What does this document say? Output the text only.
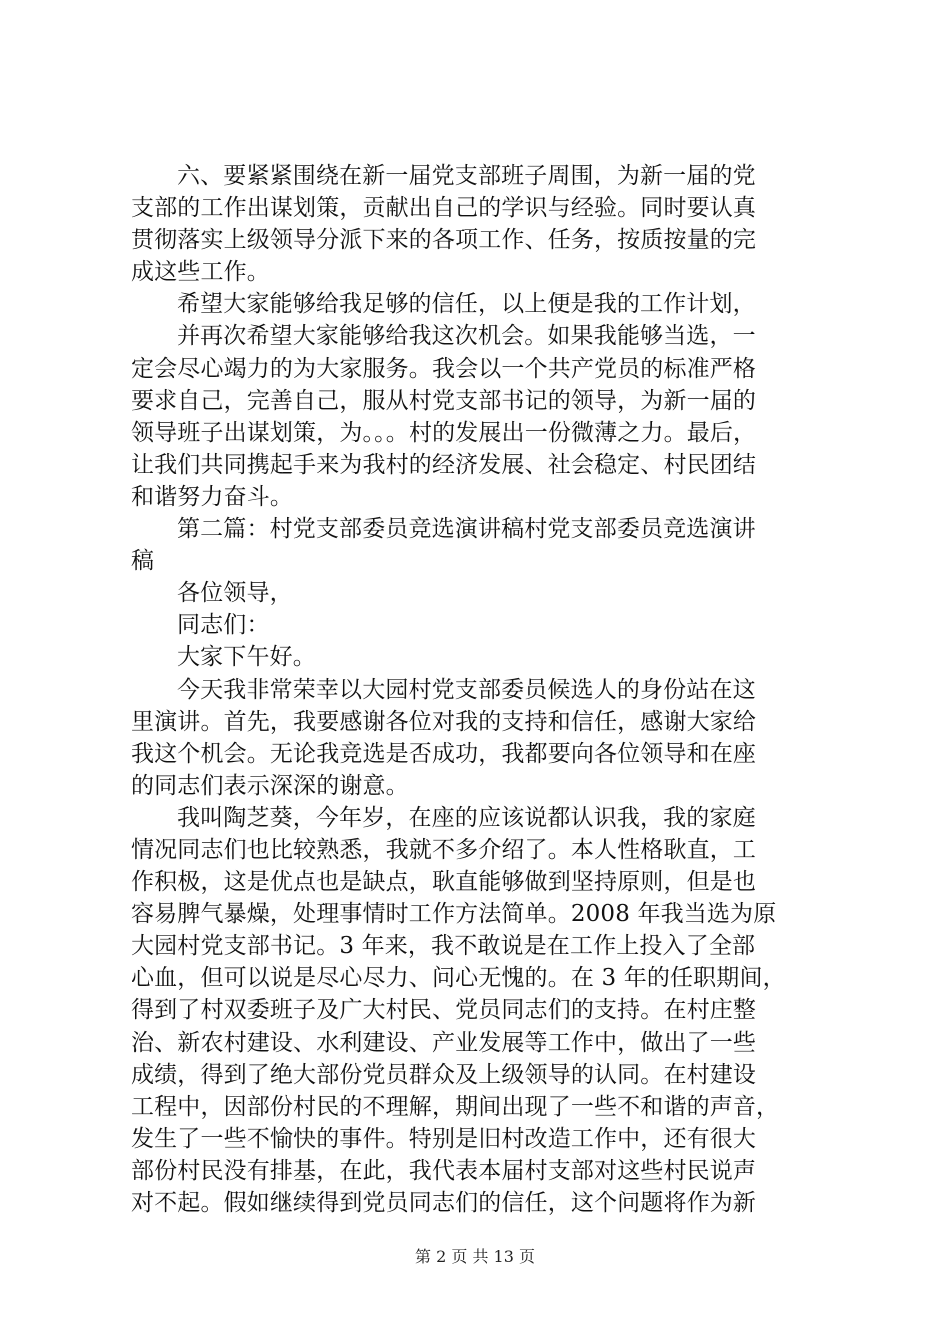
六、要紧紧围绕在新一届党支部班子周围，为新一届的党
支部的工作出谋划策，贡献出自己的学识与经验。同时要认真
贯彻落实上级领导分派下来的各项工作、任务，按质按量的完
成这些工作。
希望大家能够给我足够的信任，以上便是我的工作计划，
并再次希望大家能够给我这次机会。如果我能够当选，一
定会尽心竭力的为大家服务。我会以一个共产党员的标准严格
要求自己，完善自己，服从村党支部书记的领导，为新一届的
领导班子出谋划策，为。。。村的发展出一份微薄之力。最后，
让我们共同携起手来为我村的经济发展、社会稳定、村民团结
和谐努力奋斗。
第二篇：村党支部委员竞选演讲稿村党支部委员竞选演讲
稿
各位领导，
同志们：
大家下午好。
今天我非常荣幸以大园村党支部委员候选人的身份站在这
里演讲。首先，我要感谢各位对我的支持和信任，感谢大家给
我这个机会。无论我竞选是否成功，我都要向各位领导和在座
的同志们表示深深的谢意。
我叫陶芝葵，今年岁，在座的应该说都认识我，我的家庭
情况同志们也比较熟悉，我就不多介绍了。本人性格耿直，工
作积极，这是优点也是缺点，耿直能够做到坚持原则，但是也
容易脾气暴燥，处理事情时工作方法简单。2008 年我当选为原
大园村党支部书记。3 年来，我不敢说是在工作上投入了全部
心血，但可以说是尽心尽力、问心无愧的。在 3 年的任职期间，
得到了村双委班子及广大村民、党员同志们的支持。在村庄整
治、新农村建设、水利建设、产业发展等工作中，做出了一些
成绩，得到了绝大部份党员群众及上级领导的认同。在村建设
工程中，因部份村民的不理解，期间出现了一些不和谐的声音，
发生了一些不愉快的事件。特别是旧村改造工作中，还有很大
部份村民没有排基，在此，我代表本届村支部对这些村民说声
对不起。假如继续得到党员同志们的信任，这个问题将作为新
第 2 页 共 13 页
